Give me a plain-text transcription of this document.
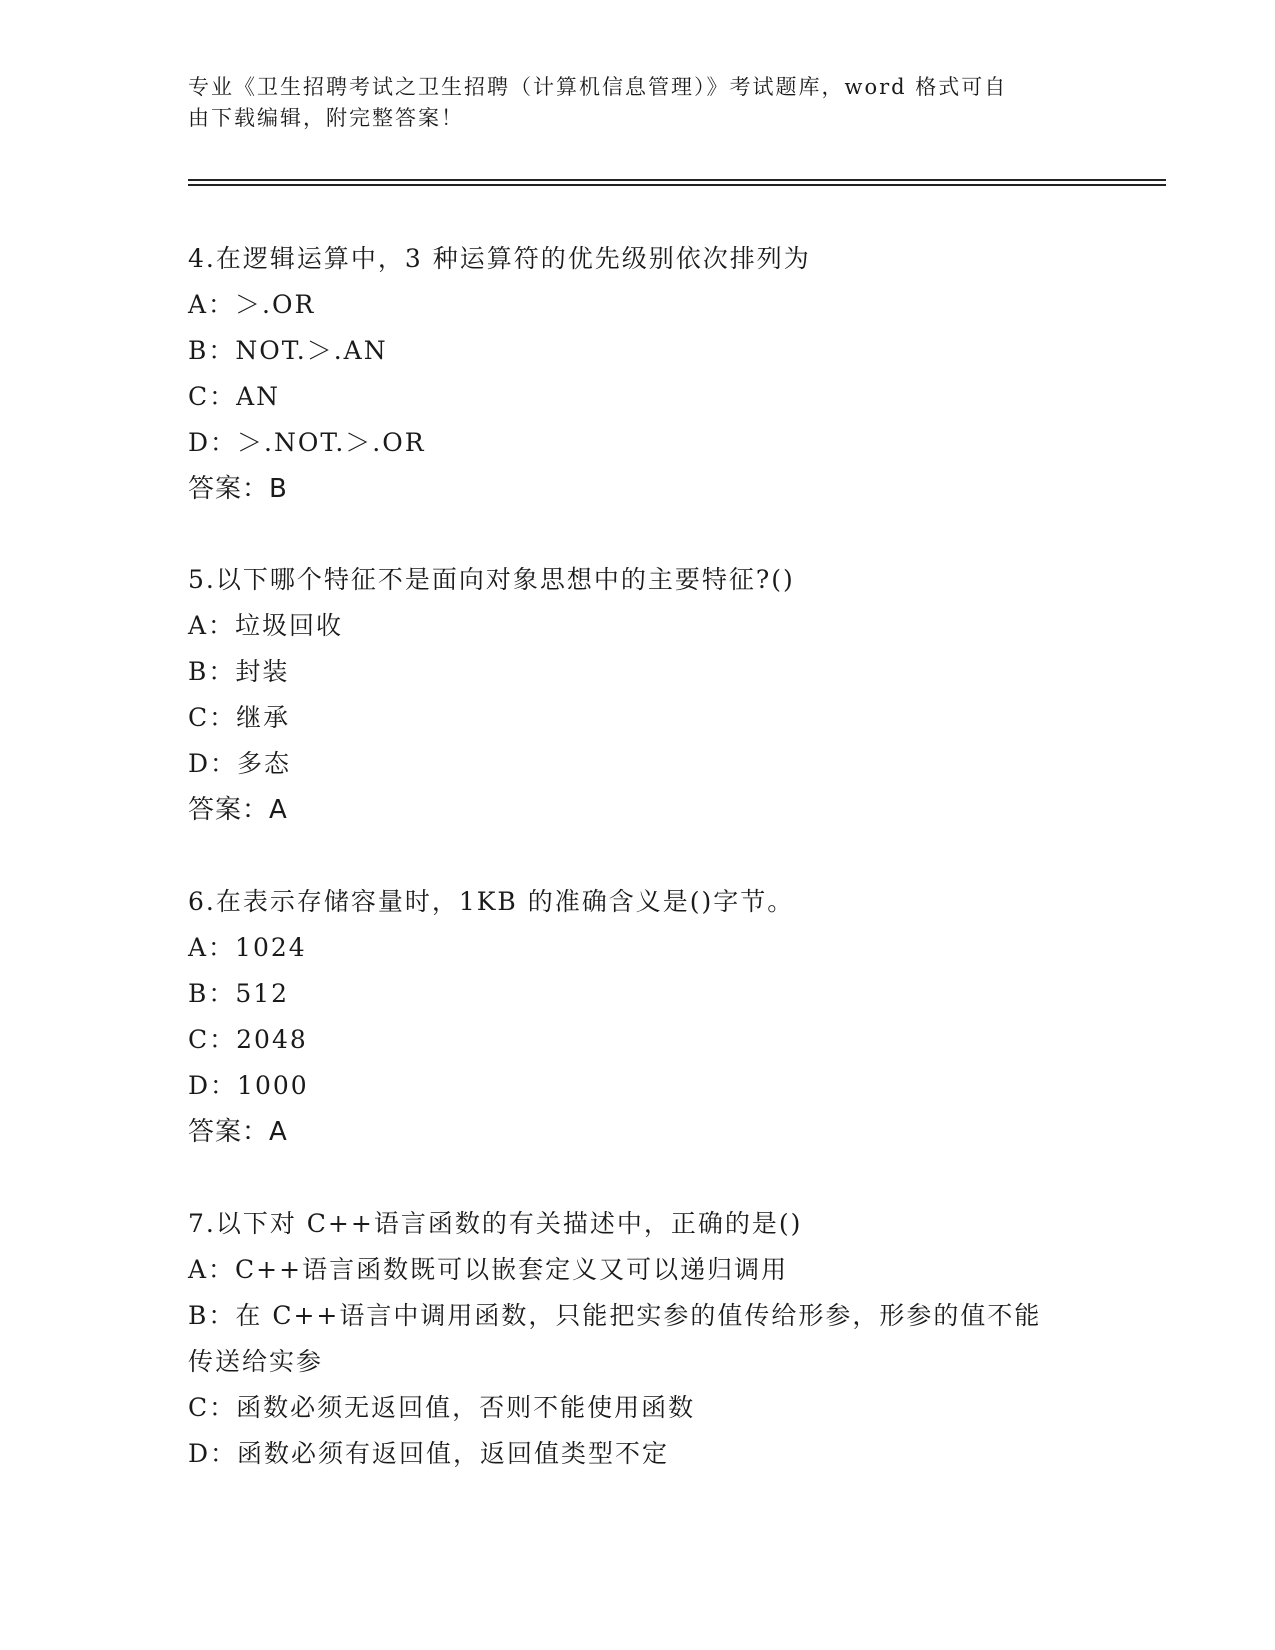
专业《卫生招聘考试之卫生招聘（计算机信息管理）》考试题库，word 格式可自
由下载编辑，附完整答案！
4.在逻辑运算中，3 种运算符的优先级别依次排列为
A：＞.OR
B：NOT.＞.AN
C：AN
D：＞.NOT.＞.OR
答案：B
5.以下哪个特征不是面向对象思想中的主要特征?()
A：垃圾回收
B：封装
C：继承
D：多态
答案：A
6.在表示存储容量时，1KB 的准确含义是()字节。
A：1024
B：512
C：2048
D：1000
答案：A
7.以下对 C++语言函数的有关描述中，正确的是()
A：C++语言函数既可以嵌套定义又可以递归调用
B：在 C++语言中调用函数，只能把实参的值传给形参，形参的值不能传送给实参
C：函数必须无返回值，否则不能使用函数
D：函数必须有返回值，返回值类型不定
